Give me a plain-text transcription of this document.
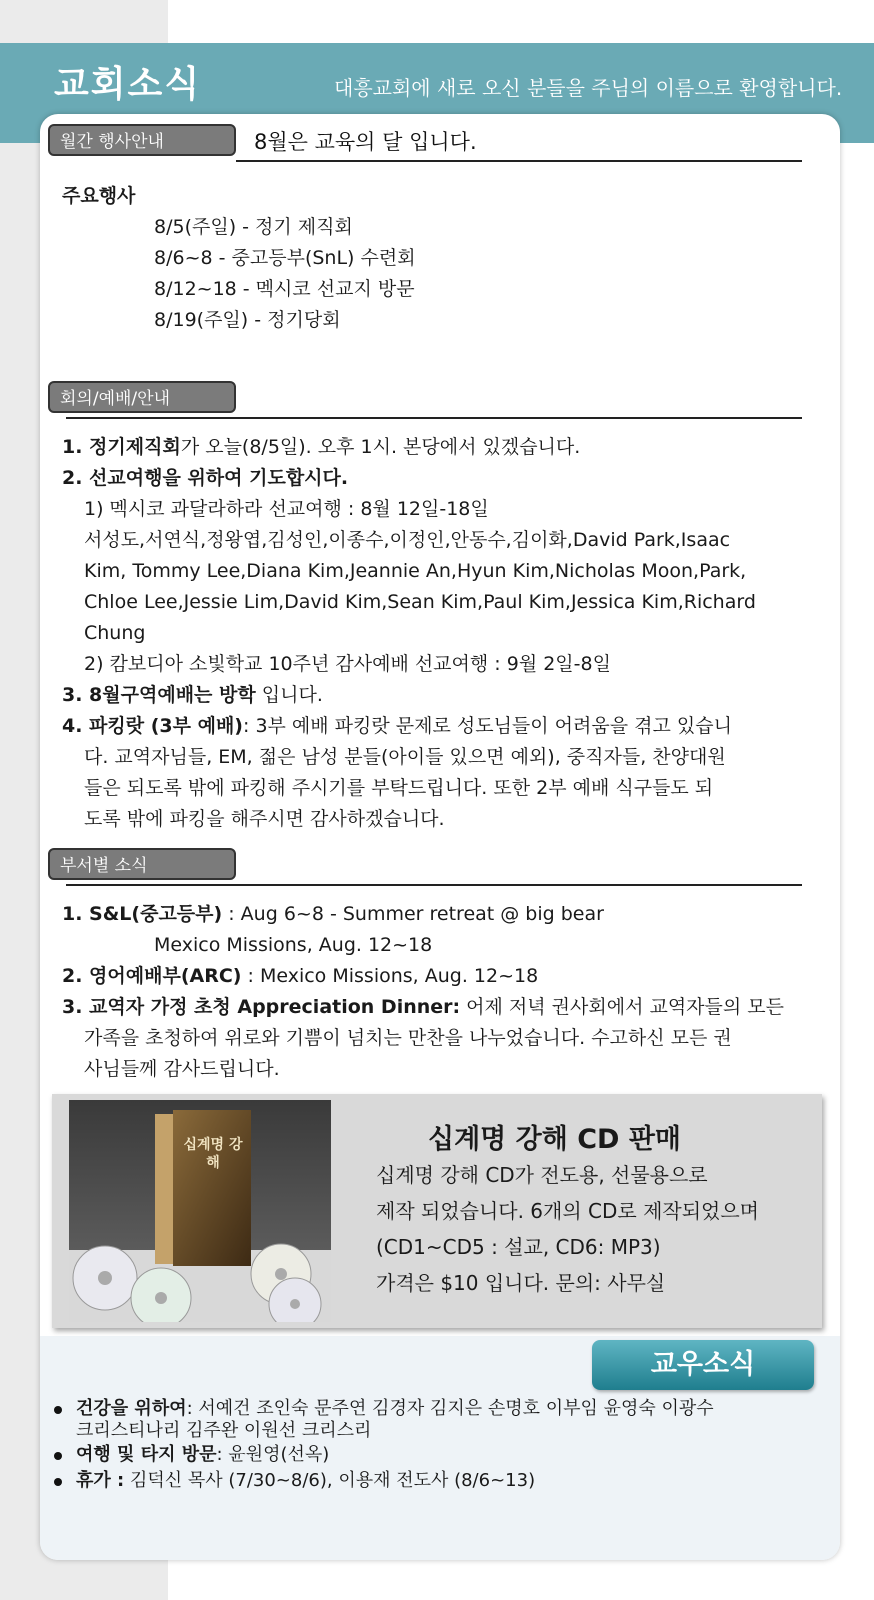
교회소식	대흥교회에 새로 오신 분들을 주님의 이름으로 환영합니다.
월간 행사안내	8월은 교육의 달 입니다.
주요행사
8/5(주일) - 정기 제직회
8/6~8 - 중고등부(SnL) 수련회
8/12~18 - 멕시코 선교지 방문
8/19(주일) - 정기당회
회의/예배/안내
1. 정기제직회가 오늘(8/5일). 오후 1시. 본당에서 있겠습니다.
2. 선교여행을 위하여 기도합시다.
1) 멕시코 과달라하라 선교여행 : 8월 12일-18일
서성도,서연식,정왕엽,김성인,이종수,이정인,안동수,김이화,David Park,Isaac
Kim, Tommy Lee,Diana Kim,Jeannie An,Hyun Kim,Nicholas Moon,Park,
Chloe Lee,Jessie Lim,David Kim,Sean Kim,Paul Kim,Jessica Kim,Richard
Chung
2) 캄보디아 소빛학교 10주년 감사예배 선교여행 : 9월 2일-8일
3. 8월구역예배는 방학 입니다.
4. 파킹랏 (3부 예배): 3부 예배 파킹랏 문제로 성도님들이 어려움을 겪고 있습니
다. 교역자님들, EM, 젊은 남성 분들(아이들 있으면 예외), 중직자들, 찬양대원
들은 되도록 밖에 파킹해 주시기를 부탁드립니다. 또한 2부 예배 식구들도 되
도록 밖에 파킹을 해주시면 감사하겠습니다.
부서별 소식
1. S&L(중고등부) : Aug 6~8 - Summer retreat @ big bear
Mexico Missions, Aug. 12~18
2. 영어예배부(ARC) : Mexico Missions, Aug. 12~18
3. 교역자 가정 초청 Appreciation Dinner: 어제 저녁 권사회에서 교역자들의 모든
가족을 초청하여 위로와 기쁨이 넘치는 만찬을 나누었습니다. 수고하신 모든 권
사님들께 감사드립니다.
십계명 강해
십계명 강해 CD 판매
십계명 강해 CD가 전도용, 선물용으로
제작 되었습니다. 6개의 CD로 제작되었으며
(CD1~CD5 : 설교, CD6: MP3)
가격은 $10 입니다. 문의: 사무실
교우소식
건강을 위하여: 서예건 조인숙 문주연 김경자 김지은 손명호 이부임 윤영숙 이광수
크리스티나리 김주완 이원선 크리스리
여행 및 타지 방문: 윤원영(선옥)
휴가 : 김덕신 목사 (7/30~8/6), 이용재 전도사 (8/6~13)
